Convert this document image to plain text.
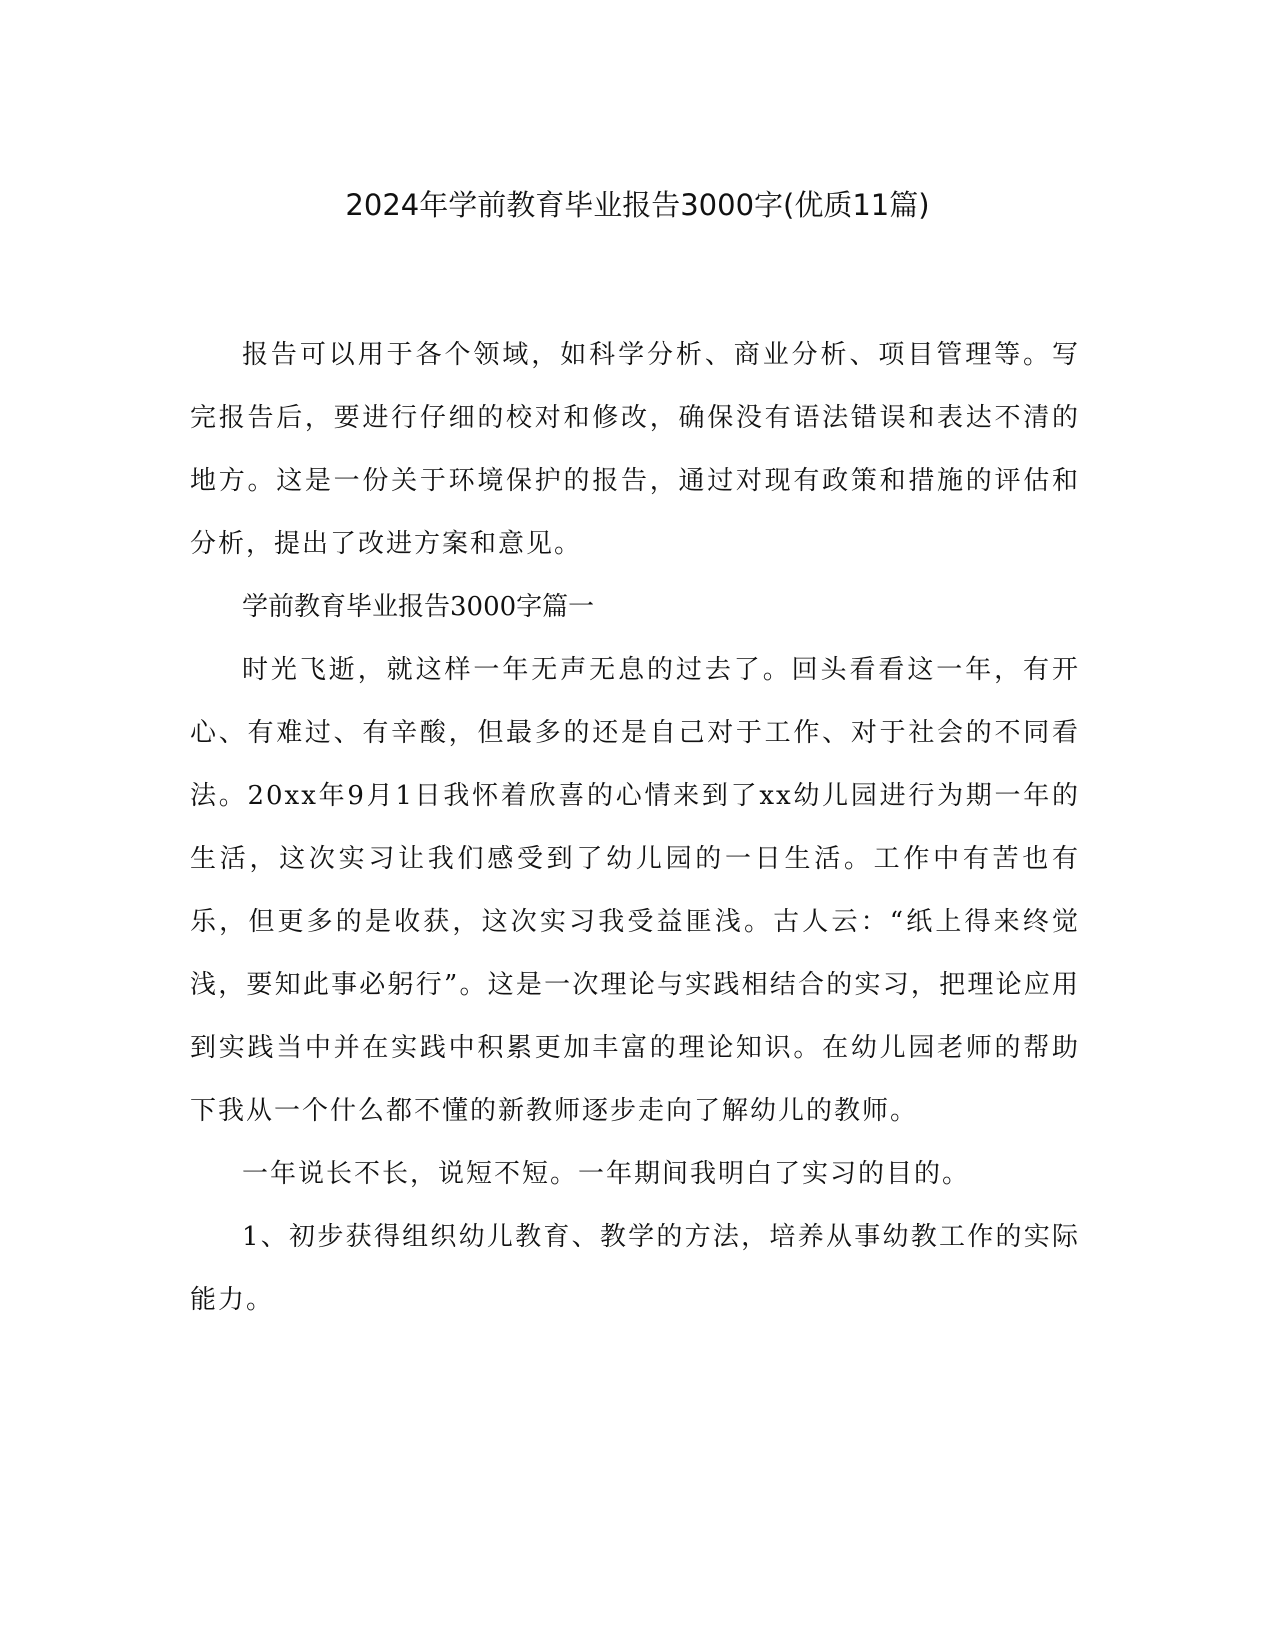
2024年学前教育毕业报告3000字(优质11篇)

报告可以用于各个领域，如科学分析、商业分析、项目管理等。写完报告后，要进行仔细的校对和修改，确保没有语法错误和表达不清的地方。这是一份关于环境保护的报告，通过对现有政策和措施的评估和分析，提出了改进方案和意见。

学前教育毕业报告3000字篇一

时光飞逝，就这样一年无声无息的过去了。回头看看这一年，有开心、有难过、有辛酸，但最多的还是自己对于工作、对于社会的不同看法。20xx年9月1日我怀着欣喜的心情来到了xx幼儿园进行为期一年的生活，这次实习让我们感受到了幼儿园的一日生活。工作中有苦也有乐，但更多的是收获，这次实习我受益匪浅。古人云：“纸上得来终觉浅，要知此事必躬行”。这是一次理论与实践相结合的实习，把理论应用到实践当中并在实践中积累更加丰富的理论知识。在幼儿园老师的帮助下我从一个什么都不懂的新教师逐步走向了解幼儿的教师。

一年说长不长，说短不短。一年期间我明白了实习的目的。

1、初步获得组织幼儿教育、教学的方法，培养从事幼教工作的实际能力。
